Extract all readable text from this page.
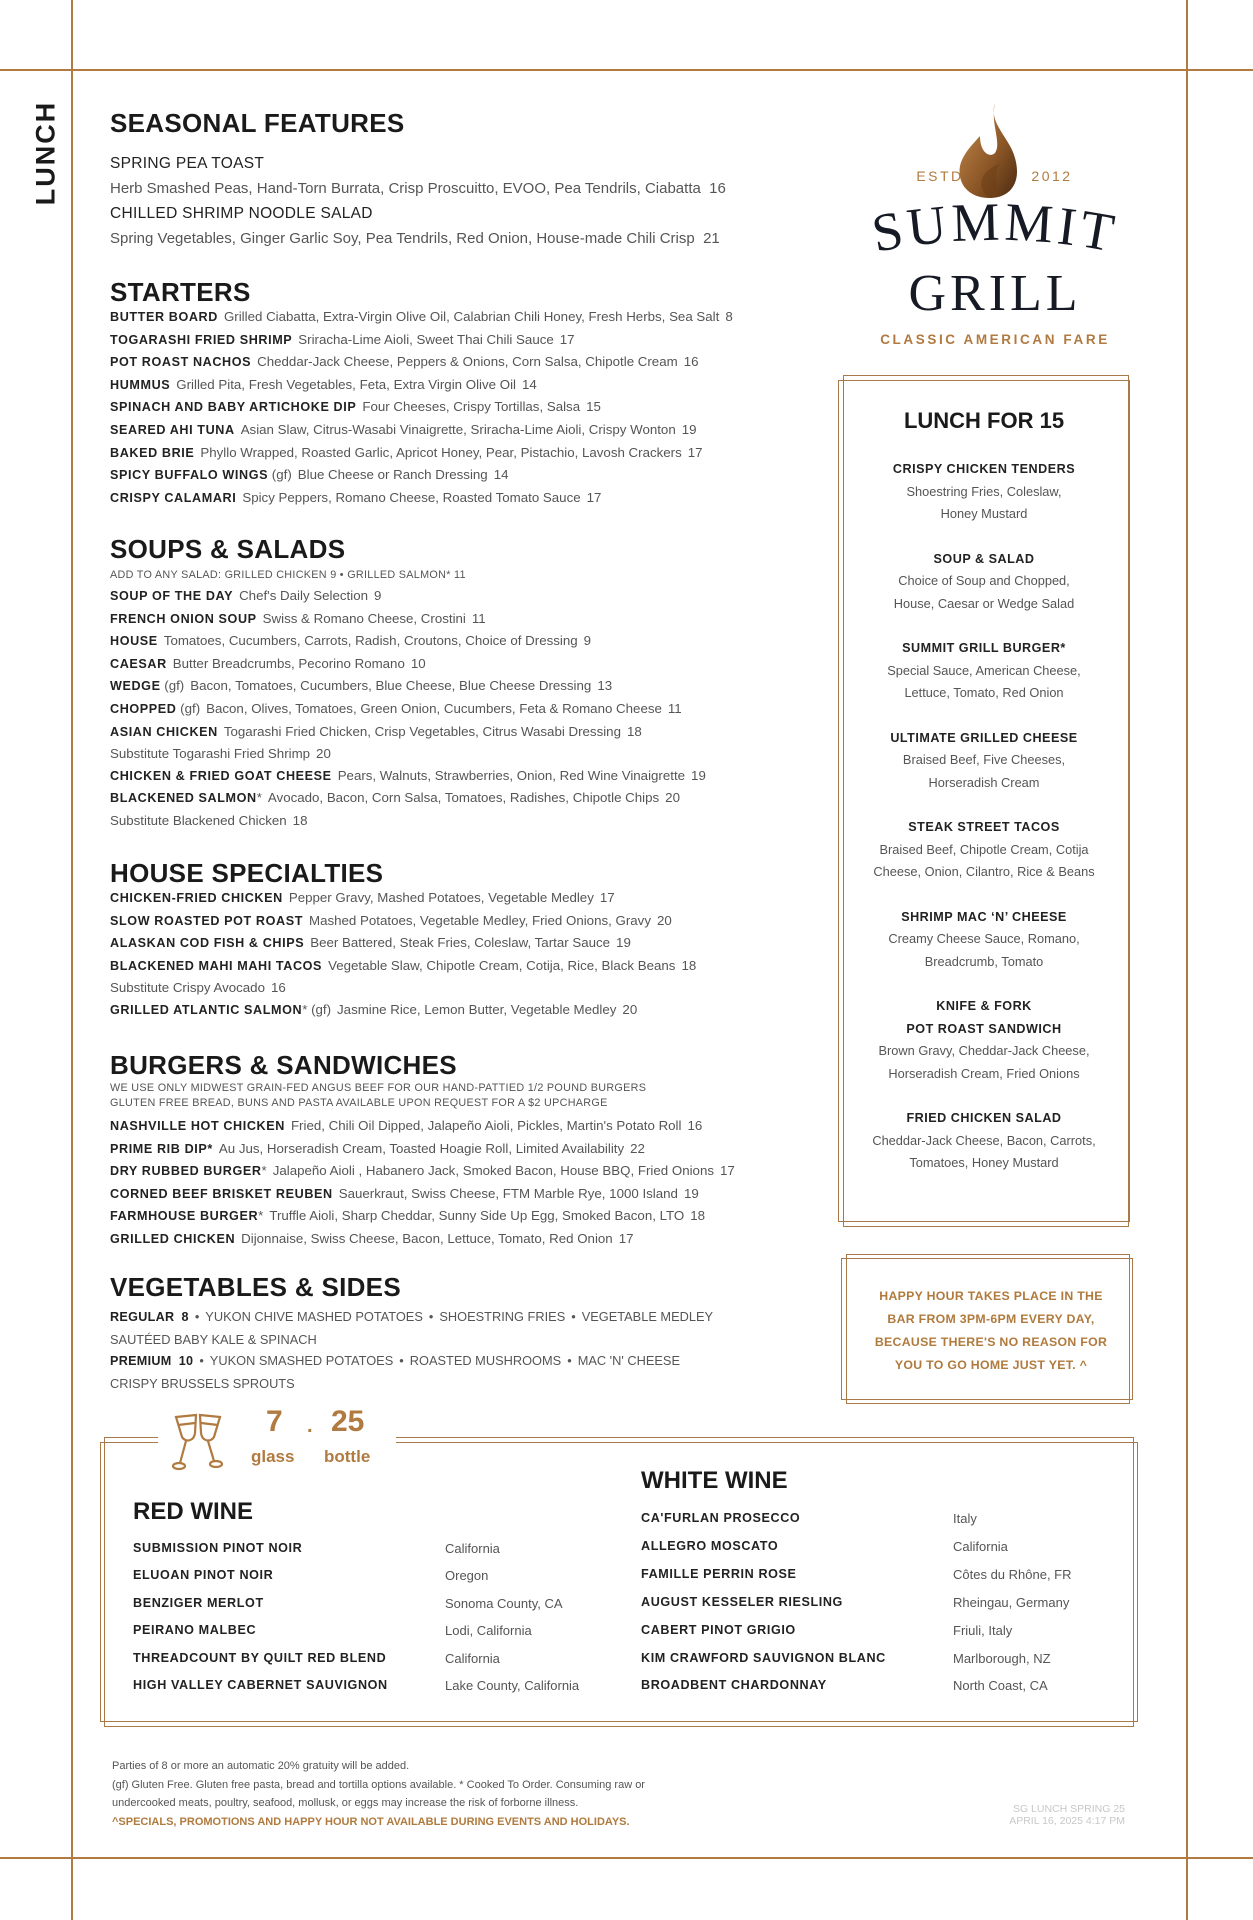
LUNCH SEASONAL FEATURES
SPRING PEA TOAST
Herb Smashed Peas, Hand-Torn Burrata, Crisp Proscuitto, EVOO, Pea Tendrils, Ciabatta 16
CHILLED SHRIMP NOODLE SALAD
Spring Vegetables, Ginger Garlic Soy, Pea Tendrils, Red Onion, House-made Chili Crisp 21
STARTERS
BUTTER BOARD Grilled Ciabatta, Extra-Virgin Olive Oil, Calabrian Chili Honey, Fresh Herbs, Sea Salt 8
TOGARASHI FRIED SHRIMP Sriracha-Lime Aioli, Sweet Thai Chili Sauce 17
POT ROAST NACHOS Cheddar-Jack Cheese, Peppers & Onions, Corn Salsa, Chipotle Cream 16
HUMMUS Grilled Pita, Fresh Vegetables, Feta, Extra Virgin Olive Oil 14
SPINACH AND BABY ARTICHOKE DIP Four Cheeses, Crispy Tortillas, Salsa 15
SEARED AHI TUNA Asian Slaw, Citrus-Wasabi Vinaigrette, Sriracha-Lime Aioli, Crispy Wonton 19
BAKED BRIE Phyllo Wrapped, Roasted Garlic, Apricot Honey, Pear, Pistachio, Lavosh Crackers 17
SPICY BUFFALO WINGS (gf) Blue Cheese or Ranch Dressing 14
CRISPY CALAMARI Spicy Peppers, Romano Cheese, Roasted Tomato Sauce 17
SOUPS & SALADS
ADD TO ANY SALAD: GRILLED CHICKEN 9 • GRILLED SALMON* 11
SOUP OF THE DAY Chef's Daily Selection 9
FRENCH ONION SOUP Swiss & Romano Cheese, Crostini 11
HOUSE Tomatoes, Cucumbers, Carrots, Radish, Croutons, Choice of Dressing 9
CAESAR Butter Breadcrumbs, Pecorino Romano 10
WEDGE (gf) Bacon, Tomatoes, Cucumbers, Blue Cheese, Blue Cheese Dressing 13
CHOPPED (gf) Bacon, Olives, Tomatoes, Green Onion, Cucumbers, Feta & Romano Cheese 11
ASIAN CHICKEN Togarashi Fried Chicken, Crisp Vegetables, Citrus Wasabi Dressing 18
Substitute Togarashi Fried Shrimp 20
CHICKEN & FRIED GOAT CHEESE Pears, Walnuts, Strawberries, Onion, Red Wine Vinaigrette 19
BLACKENED SALMON* Avocado, Bacon, Corn Salsa, Tomatoes, Radishes, Chipotle Chips 20
Substitute Blackened Chicken 18
HOUSE SPECIALTIES
CHICKEN-FRIED CHICKEN Pepper Gravy, Mashed Potatoes, Vegetable Medley 17
SLOW ROASTED POT ROAST Mashed Potatoes, Vegetable Medley, Fried Onions, Gravy 20
ALASKAN COD FISH & CHIPS Beer Battered, Steak Fries, Coleslaw, Tartar Sauce 19
BLACKENED MAHI MAHI TACOS Vegetable Slaw, Chipotle Cream, Cotija, Rice, Black Beans 18
Substitute Crispy Avocado 16
GRILLED ATLANTIC SALMON* (gf) Jasmine Rice, Lemon Butter, Vegetable Medley 20
BURGERS & SANDWICHES
WE USE ONLY MIDWEST GRAIN-FED ANGUS BEEF FOR OUR HAND-PATTIED 1/2 POUND BURGERS
GLUTEN FREE BREAD, BUNS AND PASTA AVAILABLE UPON REQUEST FOR A $2 UPCHARGE
NASHVILLE HOT CHICKEN Fried, Chili Oil Dipped, Jalapeño Aioli, Pickles, Martin's Potato Roll 16
PRIME RIB DIP* Au Jus, Horseradish Cream, Toasted Hoagie Roll, Limited Availability 22
DRY RUBBED BURGER* Jalapeño Aioli , Habanero Jack, Smoked Bacon, House BBQ, Fried Onions 17
CORNED BEEF BRISKET REUBEN Sauerkraut, Swiss Cheese, FTM Marble Rye, 1000 Island 19
FARMHOUSE BURGER* Truffle Aioli, Sharp Cheddar, Sunny Side Up Egg, Smoked Bacon, LTO 18
GRILLED CHICKEN Dijonnaise, Swiss Cheese, Bacon, Lettuce, Tomato, Red Onion 17
VEGETABLES & SIDES
REGULAR 8 • YUKON CHIVE MASHED POTATOES • SHOESTRING FRIES • VEGETABLE MEDLEY
SAUTÉED BABY KALE & SPINACH
PREMIUM 10 • YUKON SMASHED POTATOES • ROASTED MUSHROOMS • MAC 'N' CHEESE
CRISPY BRUSSELS SPROUTS
ESTD	2012
SUMMIT
GRILL
CLASSIC AMERICAN FARE
LUNCH FOR 15
CRISPY CHICKEN TENDERS
Shoestring Fries, Coleslaw,
Honey Mustard
SOUP & SALAD
Choice of Soup and Chopped,
House, Caesar or Wedge Salad
SUMMIT GRILL BURGER*
Special Sauce, American Cheese,
Lettuce, Tomato, Red Onion
ULTIMATE GRILLED CHEESE
Braised Beef, Five Cheeses,
Horseradish Cream
STEAK STREET TACOS
Braised Beef, Chipotle Cream, Cotija
Cheese, Onion, Cilantro, Rice & Beans
SHRIMP MAC ‘N’ CHEESE
Creamy Cheese Sauce, Romano,
Breadcrumb, Tomato
KNIFE & FORK
POT ROAST SANDWICH
Brown Gravy, Cheddar-Jack Cheese,
Horseradish Cream, Fried Onions
FRIED CHICKEN SALAD
Cheddar-Jack Cheese, Bacon, Carrots,
Tomatoes, Honey Mustard
HAPPY HOUR TAKES PLACE IN THE
BAR FROM 3PM-6PM EVERY DAY,
BECAUSE THERE'S NO REASON FOR
YOU TO GO HOME JUST YET. ^
7 . 25
glass bottle
RED WINE
WHITE WINE
SUBMISSION PINOT NOIR	California
ELUOAN PINOT NOIR	Oregon
BENZIGER MERLOT	Sonoma County, CA
PEIRANO MALBEC	Lodi, California
THREADCOUNT BY QUILT RED BLEND	California
HIGH VALLEY CABERNET SAUVIGNON	Lake County, California
CA'FURLAN PROSECCO	Italy
ALLEGRO MOSCATO	California
FAMILLE PERRIN ROSE	Côtes du Rhône, FR
AUGUST KESSELER RIESLING	Rheingau, Germany
CABERT PINOT GRIGIO	Friuli, Italy
KIM CRAWFORD SAUVIGNON BLANC	Marlborough, NZ
BROADBENT CHARDONNAY	North Coast, CA
Parties of 8 or more an automatic 20% gratuity will be added.
(gf) Gluten Free. Gluten free pasta, bread and tortilla options available. * Cooked To Order. Consuming raw or
undercooked meats, poultry, seafood, mollusk, or eggs may increase the risk of forborne illness.
^SPECIALS, PROMOTIONS AND HAPPY HOUR NOT AVAILABLE DURING EVENTS AND HOLIDAYS.
SG LUNCH SPRING 25
APRIL 16, 2025 4:17 PM
